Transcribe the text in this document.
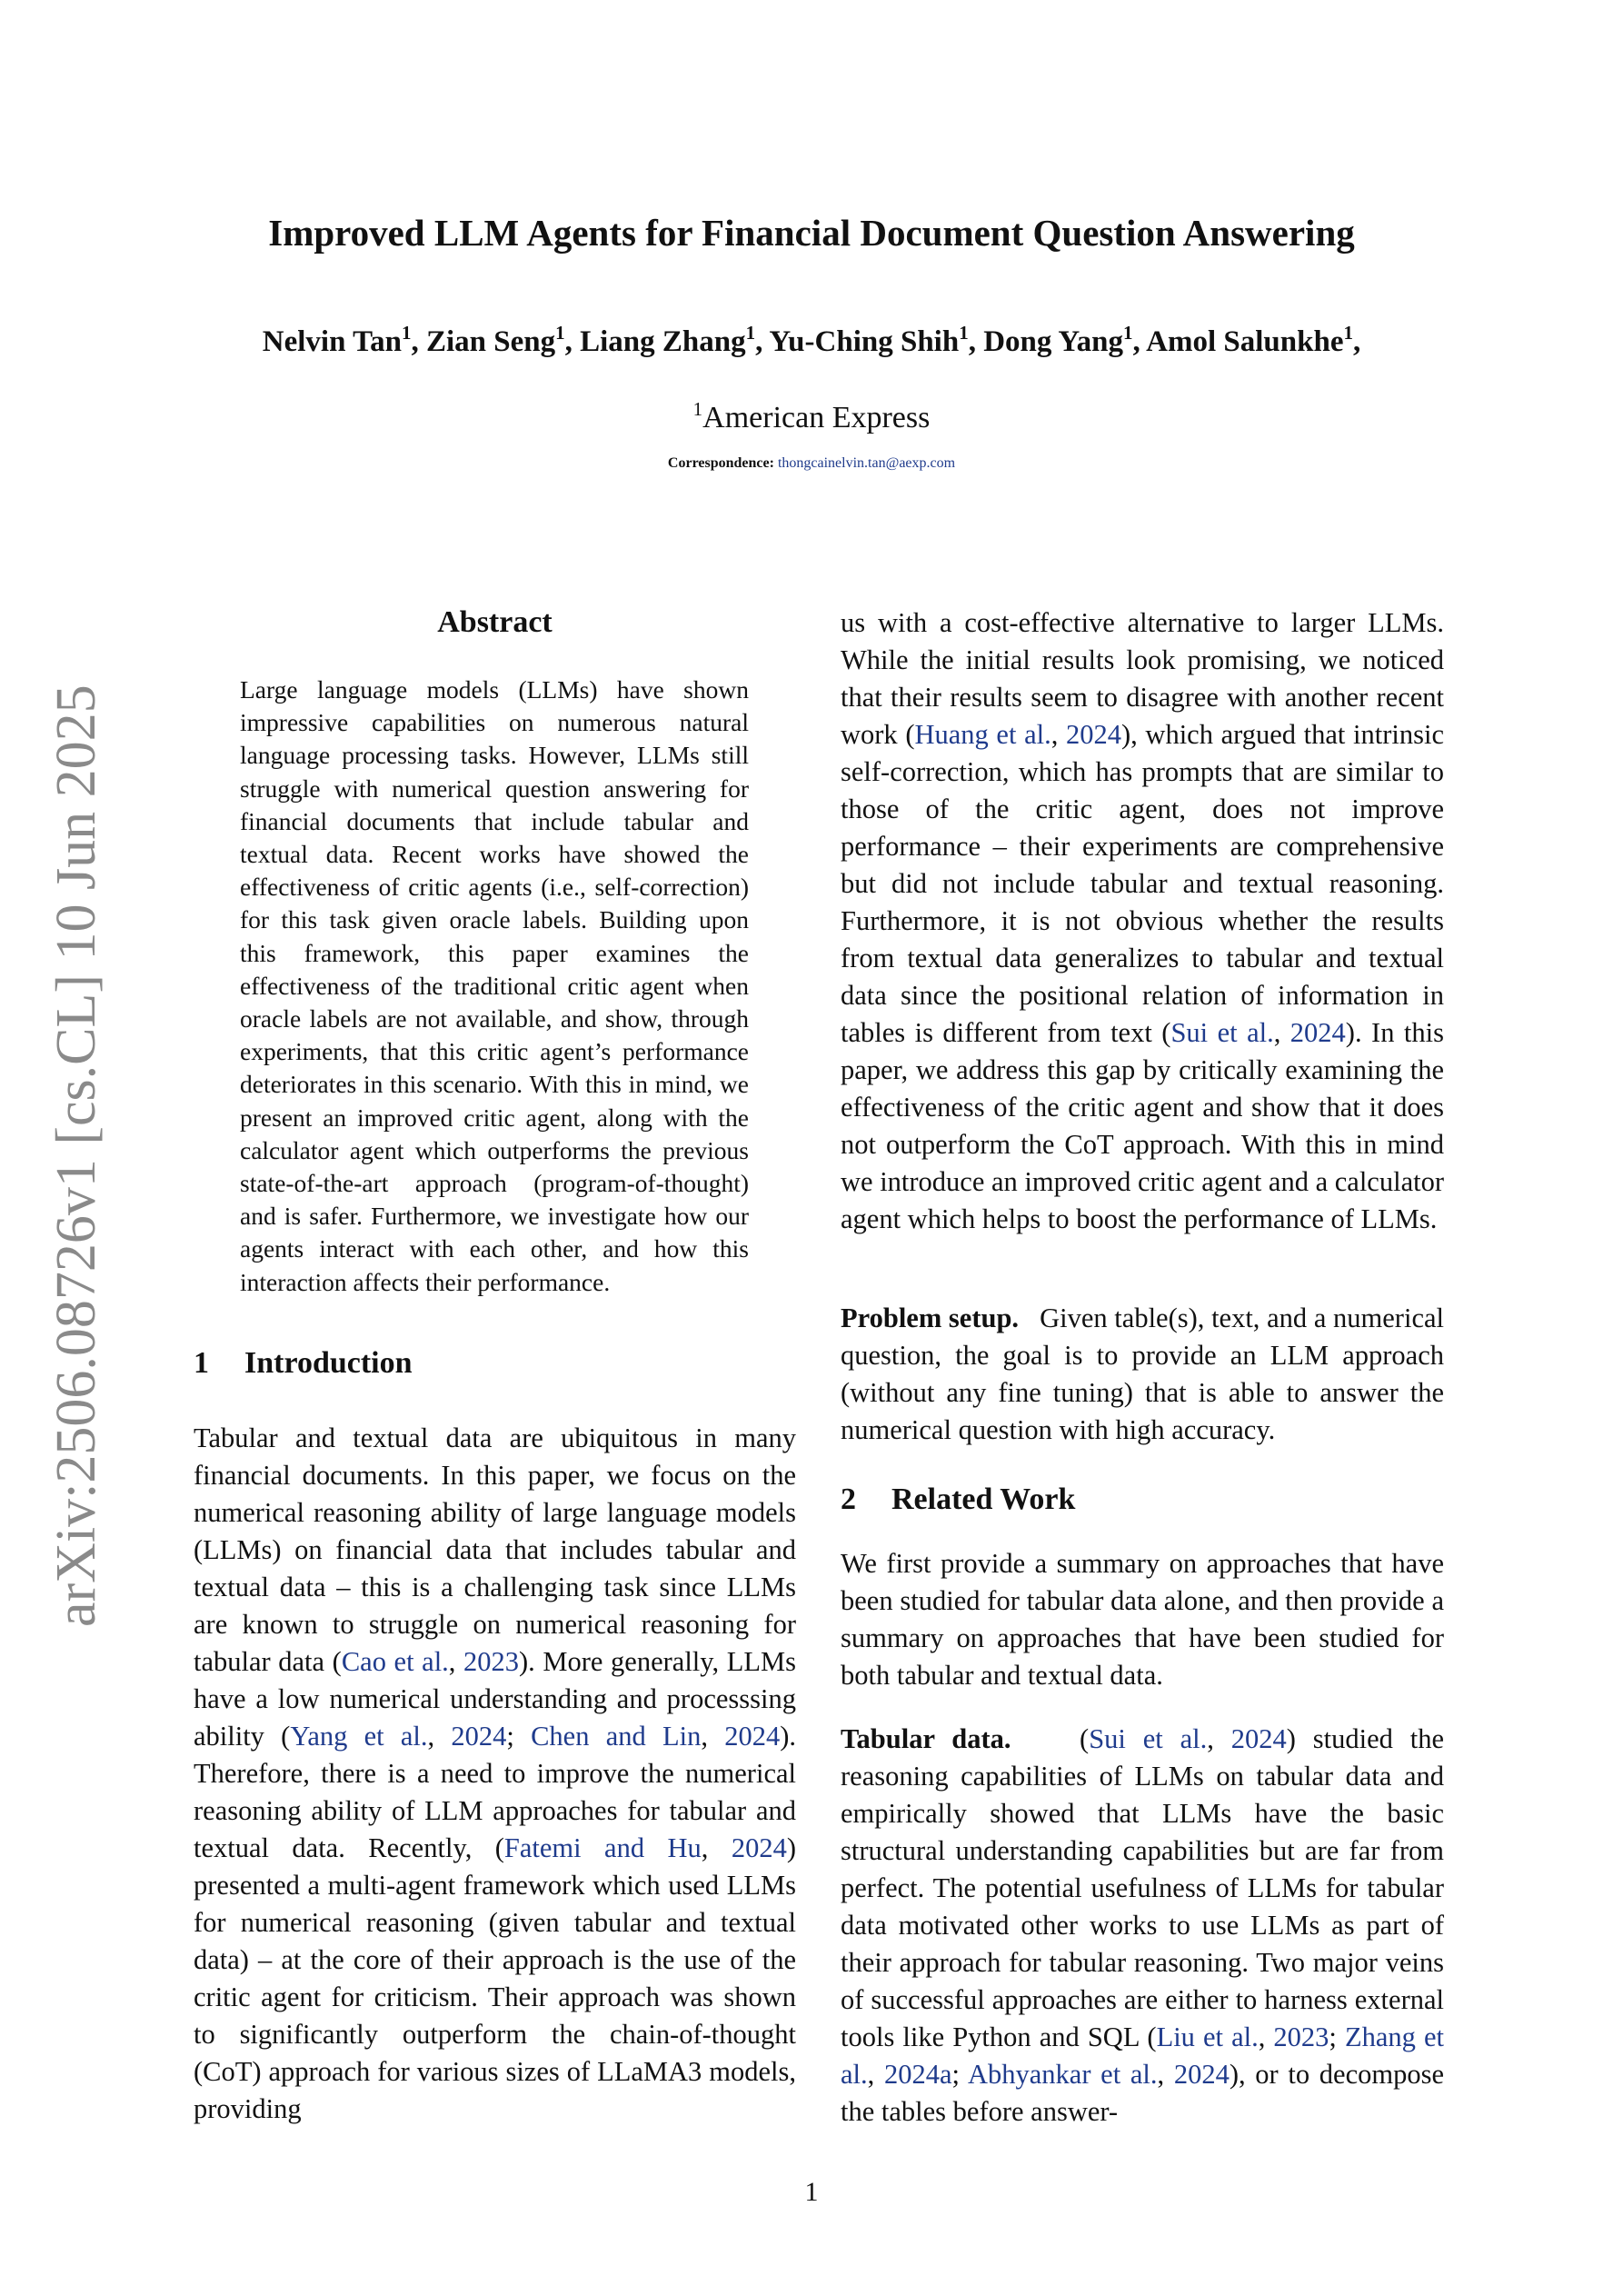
Improved LLM Agents for Financial Document Question Answering
Nelvin Tan$^1$, Zian Seng$^1$, Liang Zhang$^1$, Yu-Ching Shih$^1$, Dong Yang$^1$, Amol Salunkhe$^1$,
$^1$American Express
Correspondence: thongcainelvin.tan@aexp.com
arXiv:2506.08726v1 [cs.CL] 10 Jun 2025
Abstract

Large language models (LLMs) have shown impressive capabilities on numerous natural language processing tasks. However, LLMs still struggle with numerical question answering for financial documents that include tabular and textual data. Recent works have showed the effectiveness of critic agents (i.e., self-correction) for this task given oracle labels. Building upon this framework, this paper examines the effectiveness of the traditional critic agent when oracle labels are not available, and show, through experiments, that this critic agent’s performance deteriorates in this scenario. With this in mind, we present an improved critic agent, along with the calculator agent which outperforms the previous state-of-the-art approach (program-of-thought) and is safer. Furthermore, we investigate how our agents interact with each other, and how this interaction affects their performance.

1 Introduction

Tabular and textual data are ubiquitous in many financial documents. In this paper, we focus on the numerical reasoning ability of large language models (LLMs) on financial data that includes tabular and textual data – this is a challenging task since LLMs are known to struggle on numerical reasoning for tabular data (Cao et al., 2023). More generally, LLMs have a low numerical understanding and processsing ability (Yang et al., 2024; Chen and Lin, 2024). Therefore, there is a need to improve the numerical reasoning ability of LLM approaches for tabular and textual data. Recently, (Fatemi and Hu, 2024) presented a multi-agent framework which used LLMs for numerical reasoning (given tabular and textual data) – at the core of their approach is the use of the critic agent for criticism. Their approach was shown to significantly outperform the chain-of-thought (CoT) approach for various sizes of LLaMA3 models, providing

us with a cost-effective alternative to larger LLMs. While the initial results look promising, we noticed that their results seem to disagree with another recent work (Huang et al., 2024), which argued that intrinsic self-correction, which has prompts that are similar to those of the critic agent, does not improve performance – their experiments are comprehensive but did not include tabular and textual reasoning. Furthermore, it is not obvious whether the results from textual data generalizes to tabular and textual data since the positional relation of information in tables is different from text (Sui et al., 2024). In this paper, we address this gap by critically examining the effectiveness of the critic agent and show that it does not outperform the CoT approach. With this in mind we introduce an improved critic agent and a calculator agent which helps to boost the performance of LLMs.

Problem setup. Given table(s), text, and a numerical question, the goal is to provide an LLM approach (without any fine tuning) that is able to answer the numerical question with high accuracy.

2 Related Work

We first provide a summary on approaches that have been studied for tabular data alone, and then provide a summary on approaches that have been studied for both tabular and textual data.

Tabular data. (Sui et al., 2024) studied the reasoning capabilities of LLMs on tabular data and empirically showed that LLMs have the basic structural understanding capabilities but are far from perfect. The potential usefulness of LLMs for tabular data motivated other works to use LLMs as part of their approach for tabular reasoning. Two major veins of successful approaches are either to harness external tools like Python and SQL (Liu et al., 2023; Zhang et al., 2024a; Abhyankar et al., 2024), or to decompose the tables before answer-

1
